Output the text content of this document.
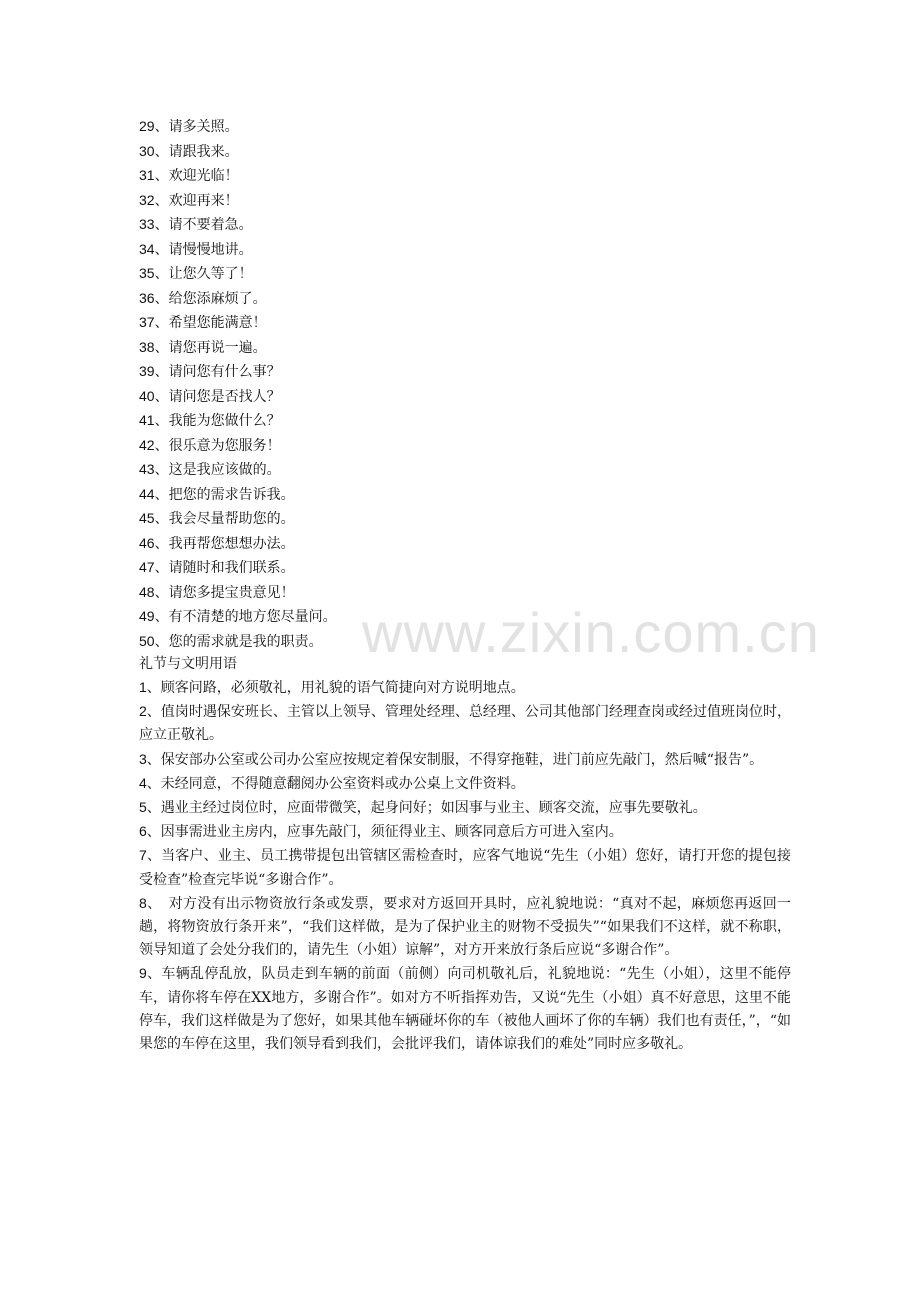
29、请多关照。
30、请跟我来。
31、欢迎光临！
32、欢迎再来！
33、请不要着急。
34、请慢慢地讲。
35、让您久等了！
36、给您添麻烦了。
37、希望您能满意！
38、请您再说一遍。
39、请问您有什么事？
40、请问您是否找人？
41、我能为您做什么？
42、很乐意为您服务！
43、这是我应该做的。
44、把您的需求告诉我。
45、我会尽量帮助您的。
46、我再帮您想想办法。
47、请随时和我们联系。
48、请您多提宝贵意见！
49、有不清楚的地方您尽量问。
50、您的需求就是我的职责。
礼节与文明用语
1、顾客问路，必须敬礼，用礼貌的语气简捷向对方说明地点。
2、值岗时遇保安班长、主管以上领导、管理处经理、总经理、公司其他部门经理查岗或经过值班岗位时，应立正敬礼。
3、保安部办公室或公司办公室应按规定着保安制服，不得穿拖鞋，进门前应先敲门，然后喊“报告”。
4、未经同意，不得随意翻阅办公室资料或办公桌上文件资料。
5、遇业主经过岗位时，应面带微笑，起身问好；如因事与业主、顾客交流，应事先要敬礼。
6、因事需进业主房内，应事先敲门，须征得业主、顾客同意后方可进入室内。
7、当客户、业主、员工携带提包出管辖区需检查时，应客气地说“先生（小姐）您好，请打开您的提包接受检查”检查完毕说“多谢合作”。
8、　对方没有出示物资放行条或发票，要求对方返回开具时，应礼貌地说：“真对不起，麻烦您再返回一趟，将物资放行条开来”，“我们这样做，是为了保护业主的财物不受损失”“如果我们不这样，就不称职，领导知道了会处分我们的，请先生（小姐）谅解”，对方开来放行条后应说“多谢合作”。
9、车辆乱停乱放，队员走到车辆的前面（前侧）向司机敬礼后，礼貌地说：“先生（小姐），这里不能停车，请你将车停在XX地方，多谢合作”。如对方不听指挥劝告，又说“先生（小姐）真不好意思，这里不能停车，我们这样做是为了您好，如果其他车辆碰坏你的车（被他人画坏了你的车辆）我们也有责任，”，“如果您的车停在这里，我们领导看到我们，会批评我们，请体谅我们的难处”同时应多敬礼。
www.zixin.com.cn
